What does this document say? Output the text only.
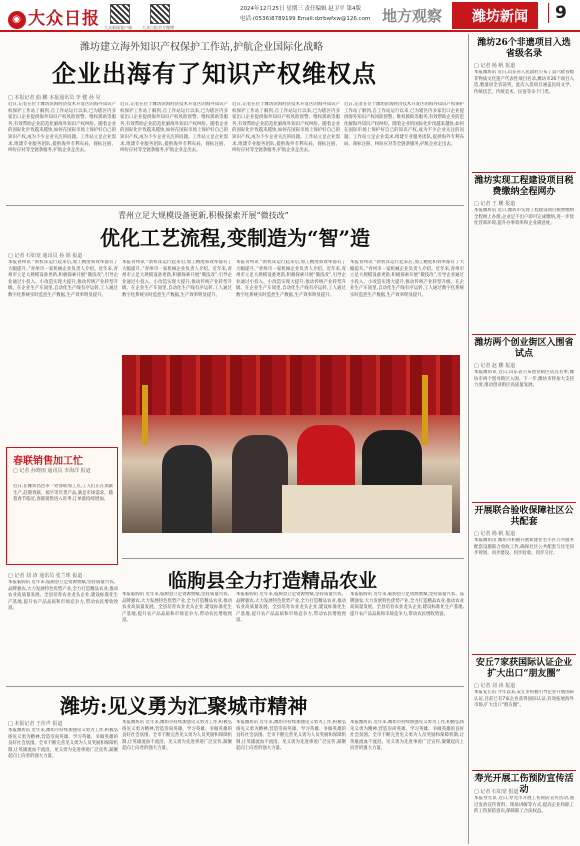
◉ 大众日报 大众新闻客户端	大众日报官方微博
2024年12月25日 星期三 责任编辑 赵卫平 第4版
电话:(0536)8789199 Email:dzrbwfxw@126.com 地方观察	潍坊新闻	9
潍坊建立海外知识产权保护工作站,护航企业国际化战略
企业出海有了知识产权维权点
□ 本报记者 曲 鹏 本报通讯员 李 健 孙 昊
近日,记者在位于潍坊滨海经济技术开发区的海外知识产权保护工作站了解到,自工作站运行以来,已为辖区内多家出口企业提供海外知识产权风险预警、维权援助等服务,有效帮助企业防范化解海外知识产权纠纷。随着企业的国际化步伐越来越快,如何在国际市场上保护好自己的知识产权,成为不少企业关注的问题。工作站立足企业需求,组建专业服务团队,提供海外专利布局、商标注册、纠纷应对等全链条服务,护航企业走出去。
近日,记者在位于潍坊滨海经济技术开发区的海外知识产权保护工作站了解到,自工作站运行以来,已为辖区内多家出口企业提供海外知识产权风险预警、维权援助等服务,有效帮助企业防范化解海外知识产权纠纷。随着企业的国际化步伐越来越快,如何在国际市场上保护好自己的知识产权,成为不少企业关注的问题。工作站立足企业需求,组建专业服务团队,提供海外专利布局、商标注册、纠纷应对等全链条服务,护航企业走出去。
近日,记者在位于潍坊滨海经济技术开发区的海外知识产权保护工作站了解到,自工作站运行以来,已为辖区内多家出口企业提供海外知识产权风险预警、维权援助等服务,有效帮助企业防范化解海外知识产权纠纷。随着企业的国际化步伐越来越快,如何在国际市场上保护好自己的知识产权,成为不少企业关注的问题。工作站立足企业需求,组建专业服务团队,提供海外专利布局、商标注册、纠纷应对等全链条服务,护航企业走出去。
近日,记者在位于潍坊滨海经济技术开发区的海外知识产权保护工作站了解到,自工作站运行以来,已为辖区内多家出口企业提供海外知识产权风险预警、维权援助等服务,有效帮助企业防范化解海外知识产权纠纷。随着企业的国际化步伐越来越快,如何在国际市场上保护好自己的知识产权,成为不少企业关注的问题。工作站立足企业需求,组建专业服务团队,提供海外专利布局、商标注册、纠纷应对等全链条服务,护航企业走出去。
青州立足大规模设备更新,积极探索开展“微技改”
优化工艺流程,变制造为“智”造
□ 记者 石如宽 通讯员 孙 娟 报道
本报青州讯 “新机床运行起来后,加工精度和效率都有了大幅提升。”青州市一家机械企业负责人介绍。近年来,青州市立足大规模设备更新,积极探索开展“微技改”,引导企业通过小投入、小改造实现大提升,推动传统产业转型升级。在企业生产车间里,自动化生产线有序运转,工人通过数字化系统实时监控生产数据,生产效率明显提升。
本报青州讯 “新机床运行起来后,加工精度和效率都有了大幅提升。”青州市一家机械企业负责人介绍。近年来,青州市立足大规模设备更新,积极探索开展“微技改”,引导企业通过小投入、小改造实现大提升,推动传统产业转型升级。在企业生产车间里,自动化生产线有序运转,工人通过数字化系统实时监控生产数据,生产效率明显提升。
本报青州讯 “新机床运行起来后,加工精度和效率都有了大幅提升。”青州市一家机械企业负责人介绍。近年来,青州市立足大规模设备更新,积极探索开展“微技改”,引导企业通过小投入、小改造实现大提升,推动传统产业转型升级。在企业生产车间里,自动化生产线有序运转,工人通过数字化系统实时监控生产数据,生产效率明显提升。
本报青州讯 “新机床运行起来后,加工精度和效率都有了大幅提升。”青州市一家机械企业负责人介绍。近年来,青州市立足大规模设备更新,积极探索开展“微技改”,引导企业通过小投入、小改造实现大提升,推动传统产业转型升级。在企业生产车间里,自动化生产线有序运转,工人通过数字化系统实时监控生产数据,生产效率明显提升。
春联销售加工忙
□ 记者 孙晓雨 通讯员 李海洋 报道
近日,在潍坊昌邑市一处春联加工点,工人们正在加紧生产,赶制春联、福字等年货产品,满足市场需求。随着春节临近,春联销售进入旺季,订单量持续增加。
临朐县全力打造精品农业
□ 记者 刘 涛 通讯员 张兰珠 报道
本报临朐讯 近年来,临朐县立足资源禀赋,坚持质量兴农、品牌强农,大力发展特色优势产业,全力打造精品农业,推动农业高质量发展。全县培育农业龙头企业,建设标准化生产基地,提升农产品品质和市场竞争力,带动农民增收致富。
本报临朐讯 近年来,临朐县立足资源禀赋,坚持质量兴农、品牌强农,大力发展特色优势产业,全力打造精品农业,推动农业高质量发展。全县培育农业龙头企业,建设标准化生产基地,提升农产品品质和市场竞争力,带动农民增收致富。
本报临朐讯 近年来,临朐县立足资源禀赋,坚持质量兴农、品牌强农,大力发展特色优势产业,全力打造精品农业,推动农业高质量发展。全县培育农业龙头企业,建设标准化生产基地,提升农产品品质和市场竞争力,带动农民增收致富。
本报临朐讯 近年来,临朐县立足资源禀赋,坚持质量兴农、品牌强农,大力发展特色优势产业,全力打造精品农业,推动农业高质量发展。全县培育农业龙头企业,建设标准化生产基地,提升农产品品质和市场竞争力,带动农民增收致富。
潍坊:见义勇为汇聚城市精神
□ 本报记者 王佳声 报道
本报潍坊讯 近年来,潍坊市持续加强见义勇为工作,积极弘扬见义勇为精神,营造崇尚英雄、学习英雄、争做英雄的良好社会氛围。全市不断完善见义勇为人员奖励和保障机制,让英雄流血不流泪。见义勇为先进事迹广泛宣传,凝聚起向上向善的强大力量。
本报潍坊讯 近年来,潍坊市持续加强见义勇为工作,积极弘扬见义勇为精神,营造崇尚英雄、学习英雄、争做英雄的良好社会氛围。全市不断完善见义勇为人员奖励和保障机制,让英雄流血不流泪。见义勇为先进事迹广泛宣传,凝聚起向上向善的强大力量。
本报潍坊讯 近年来,潍坊市持续加强见义勇为工作,积极弘扬见义勇为精神,营造崇尚英雄、学习英雄、争做英雄的良好社会氛围。全市不断完善见义勇为人员奖励和保障机制,让英雄流血不流泪。见义勇为先进事迹广泛宣传,凝聚起向上向善的强大力量。
本报潍坊讯 近年来,潍坊市持续加强见义勇为工作,积极弘扬见义勇为精神,营造崇尚英雄、学习英雄、争做英雄的良好社会氛围。全市不断完善见义勇为人员奖励和保障机制,让英雄流血不流泪。见义勇为先进事迹广泛宣传,凝聚起向上向善的强大力量。
潍坊26个非遗项目入选省级名录
□ 记者 杨 帆 报道
本报潍坊讯 近日,山东省人民政府公布了第六批省级非物质文化遗产代表性项目名录,潍坊市26个项目入选,数量居全省前列。此次入选项目涵盖民间文学、传统技艺、传统美术、民俗等多个门类。
潍坊实现工程建设项目税费缴纳全程网办
□ 记者 王 鹏 报道
本报潍坊讯 近日,潍坊市实现工程建设项目税费缴纳全程网上办理,企业足不出户即可完成缴纳,进一步优化营商环境,提升办事效率和企业满意度。
潍坊两个创业街区入围省试点
□ 记者 赵 鹏 报道
本报潍坊讯 近日,山东省公布创业街区试点名单,潍坊市两个创业街区入围。下一步,潍坊市将加大支持力度,推动创业街区高质量发展。
开展联合验收保障社区公共配套
□ 记者 杨 帆 报道
本报潍坊讯 潍坊市积极开展新建住宅小区公共服务配套设施联合验收工作,确保社区公共配套与住宅同步规划、同步建设、同步验收、同步交付。
安丘7家获国际认证企业扩大出口“朋友圈”
□ 记者 刘 涛 报道
本报安丘讯 今年以来,安丘市积极引导企业开展国际认证,目前已有7家企业获得国际认证,有效拓展海外市场,扩大出口“朋友圈”。
寿光开展工伤预防宣传活动
□ 记者 石如宽 报道
本报寿光讯 近日,寿光市开展工伤预防宣传活动,通过发放宣传资料、现场讲解等方式,提高企业和职工的工伤预防意识,保障职工合法权益。
